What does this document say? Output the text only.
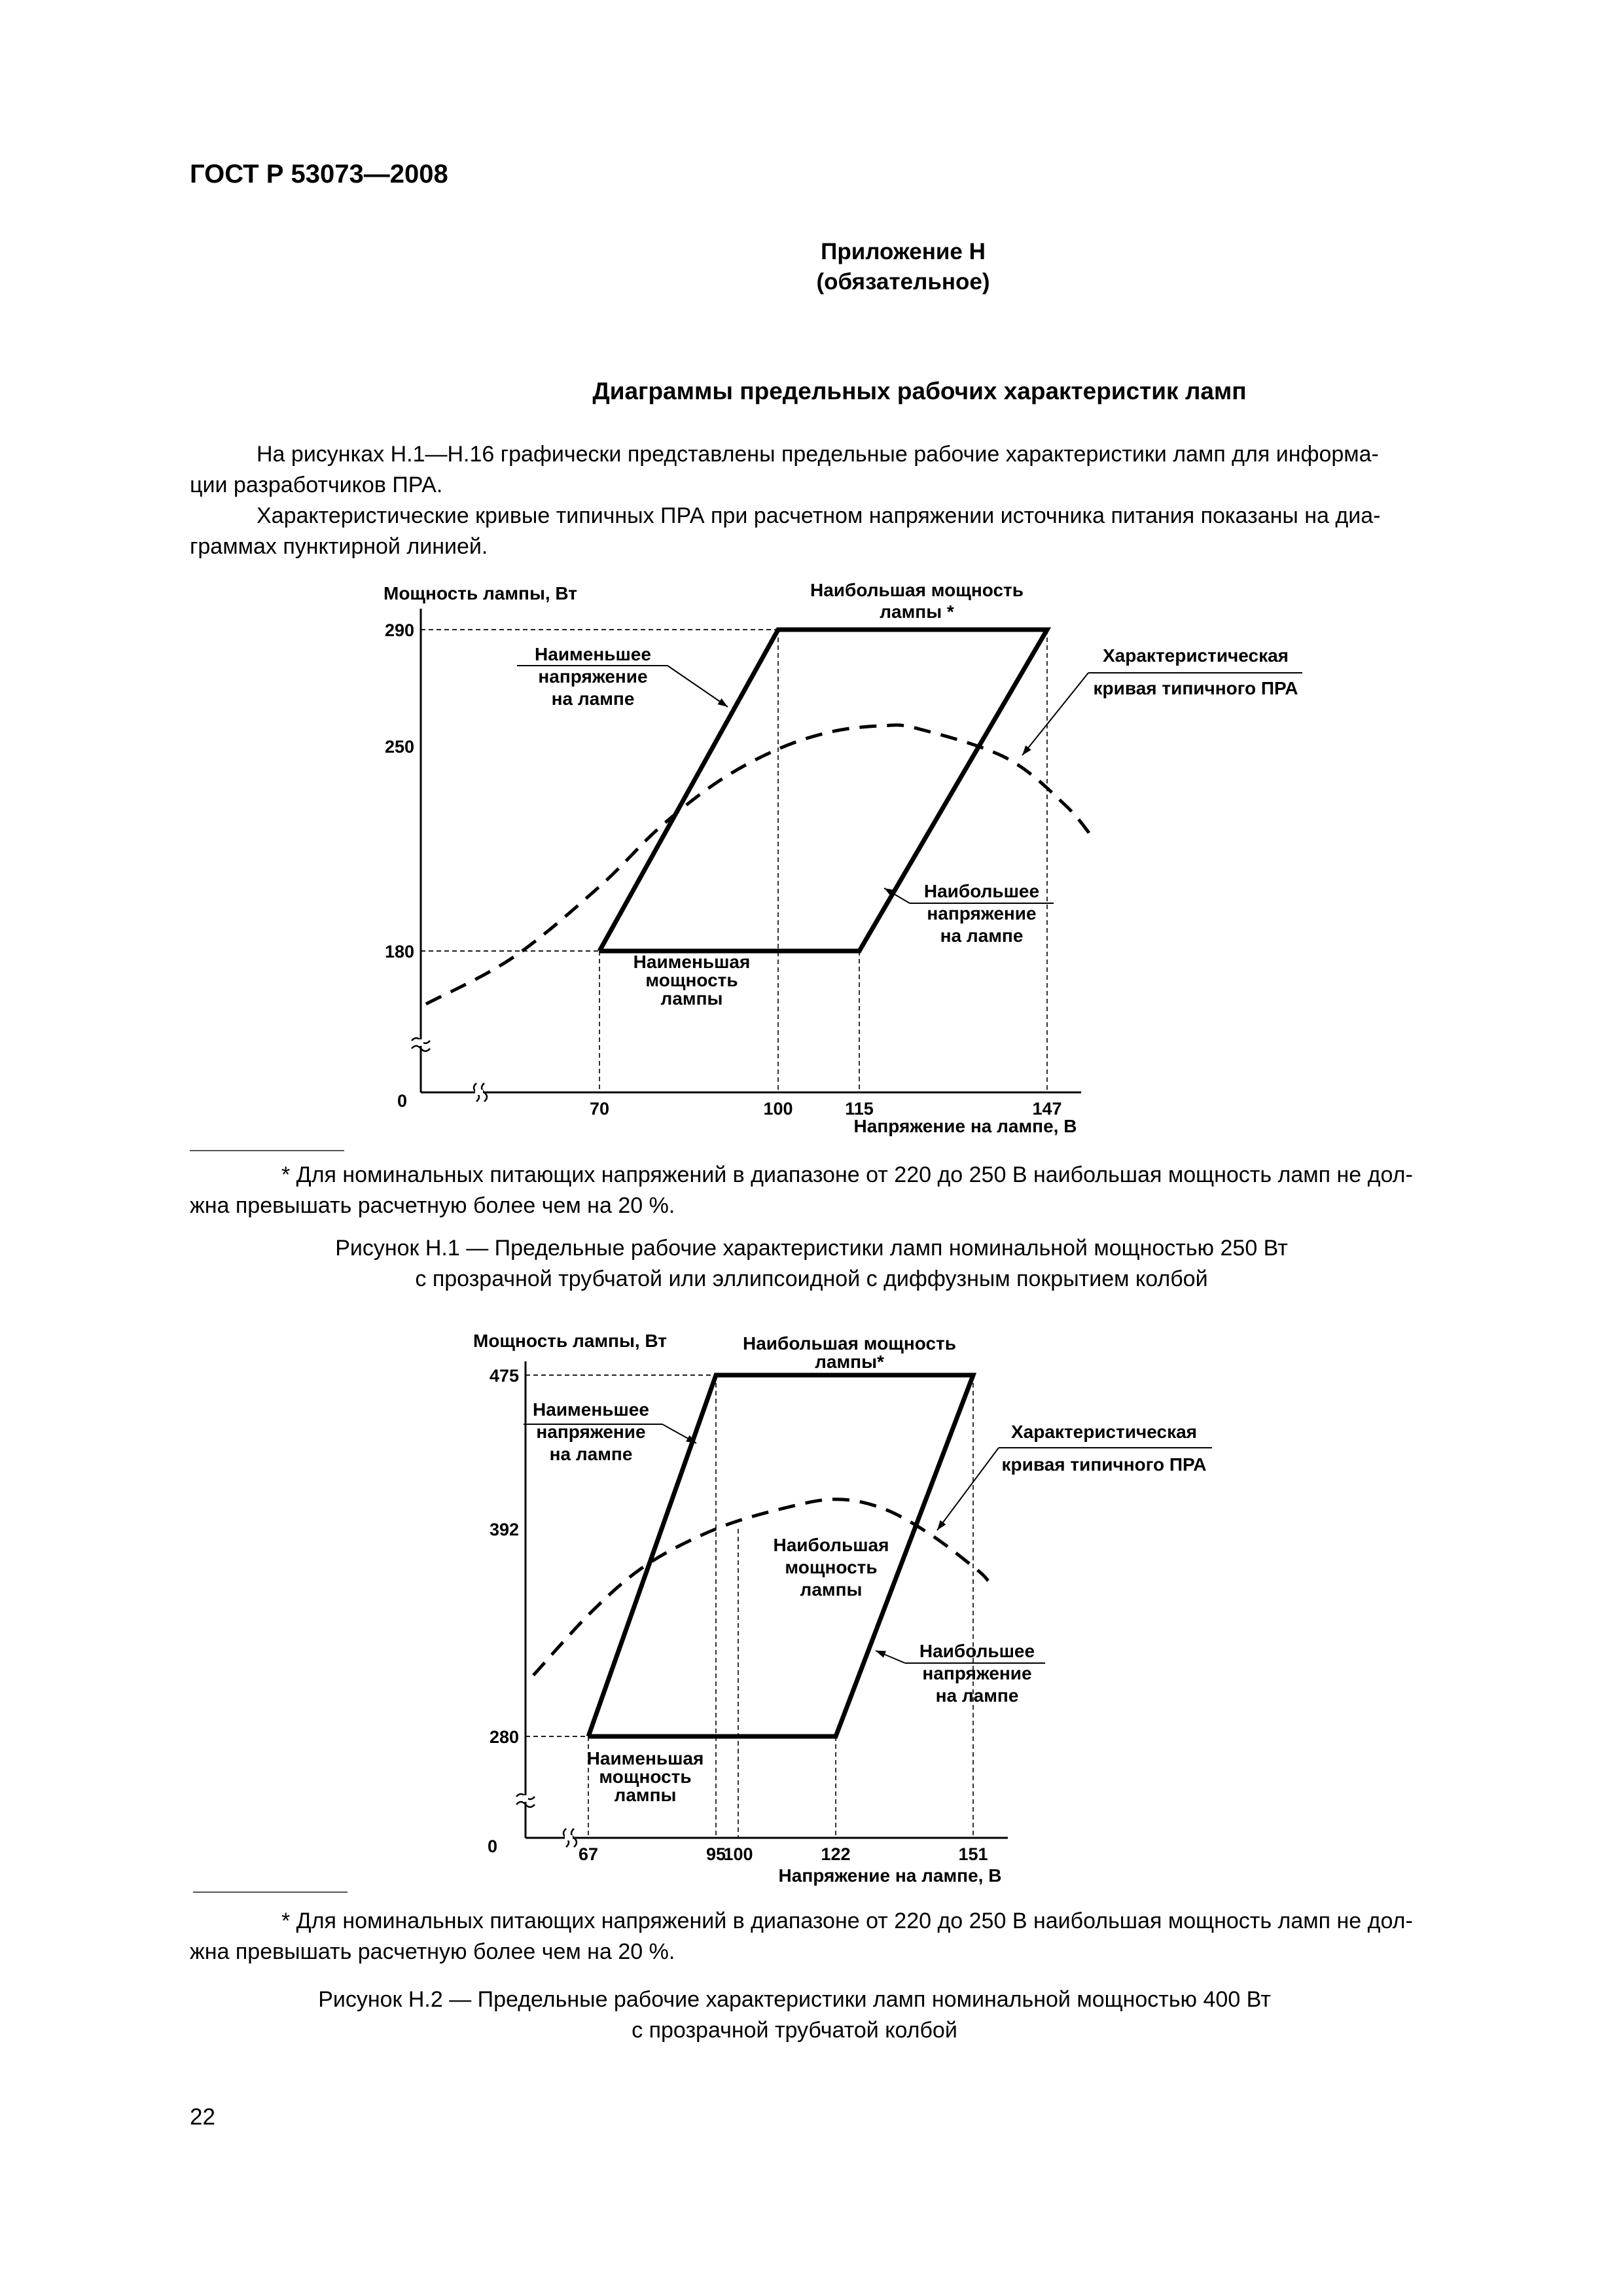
ГОСТ Р 53073—2008
Приложение Н
(обязательное)
Диаграммы предельных рабочих характеристик ламп
На рисунках Н.1—Н.16 графически представлены предельные рабочие характеристики ламп для информа-
ции разработчиков ПРА.
Характеристические кривые типичных ПРА при расчетном напряжении источника питания показаны на диа-
граммах пунктирной линией.
0
180
250
290
70	100	115	147
0
280
392
475
67	95
100	122	151
Мощность лампы, Вт
Напряжение на лампе, В
Наибольшая мощность
лампы *
Наименьшее
напряжение
на лампе
Характеристическая
кривая типичного ПРА
Наибольшее
напряжение
на лампе
Наименьшая
мощность
лампы
Мощность лампы, Вт
Напряжение на лампе, В
Наибольшая мощность
лампы*
Наименьшее
напряжение
на лампе
Характеристическая
кривая типичного ПРА
Наибольшая
мощность
лампы
Наибольшее
напряжение
на лампе
Наименьшая
мощность
лампы
* Для номинальных питающих напряжений в диапазоне от 220 до 250 В наибольшая мощность ламп не дол-
жна превышать расчетную более чем на 20 %.
Рисунок Н.1 — Предельные рабочие характеристики ламп номинальной мощностью 250 Вт
с прозрачной трубчатой или эллипсоидной с диффузным покрытием колбой
* Для номинальных питающих напряжений в диапазоне от 220 до 250 В наибольшая мощность ламп не дол-
жна превышать расчетную более чем на 20 %.
Рисунок Н.2 — Предельные рабочие характеристики ламп номинальной мощностью 400 Вт
с прозрачной трубчатой колбой
22
